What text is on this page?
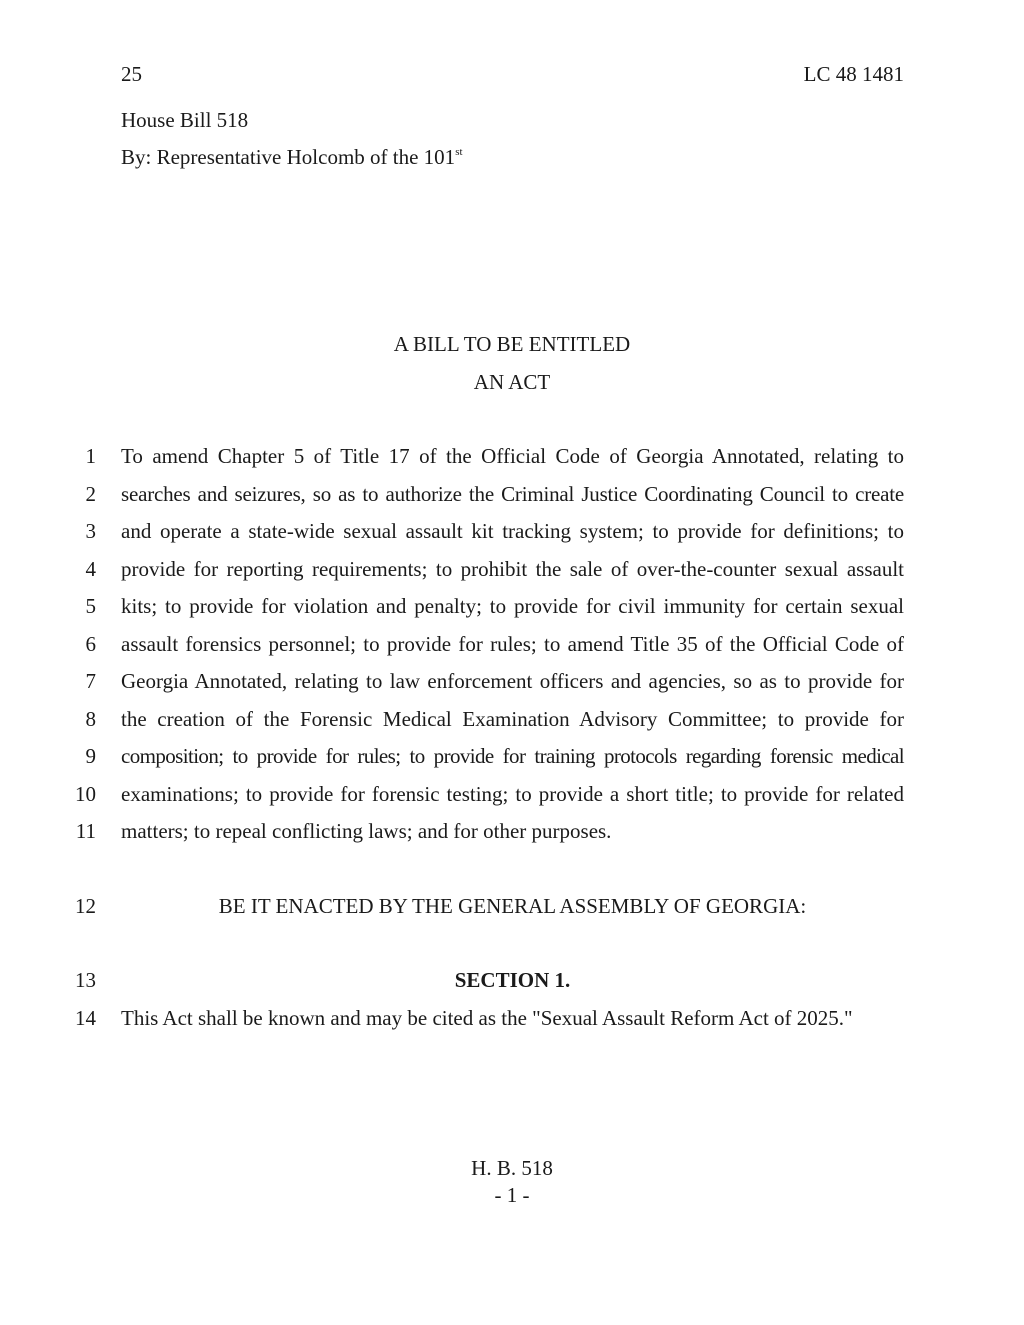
25	LC 48 1481
House Bill 518
By: Representative Holcomb of the 101st
A BILL TO BE ENTITLED
AN ACT
1 To amend Chapter 5 of Title 17 of the Official Code of Georgia Annotated, relating to
2 searches and seizures, so as to authorize the Criminal Justice Coordinating Council to create
3 and operate a state-wide sexual assault kit tracking system; to provide for definitions; to
4 provide for reporting requirements; to prohibit the sale of over-the-counter sexual assault
5 kits; to provide for violation and penalty; to provide for civil immunity for certain sexual
6 assault forensics personnel; to provide for rules; to amend Title 35 of the Official Code of
7 Georgia Annotated, relating to law enforcement officers and agencies, so as to provide for
8 the creation of the Forensic Medical Examination Advisory Committee; to provide for
9 composition; to provide for rules; to provide for training protocols regarding forensic medical
10 examinations; to provide for forensic testing; to provide a short title; to provide for related
11 matters; to repeal conflicting laws; and for other purposes.
12	BE IT ENACTED BY THE GENERAL ASSEMBLY OF GEORGIA:
13	SECTION 1.
14 This Act shall be known and may be cited as the "Sexual Assault Reform Act of 2025."
H. B. 518
- 1 -
